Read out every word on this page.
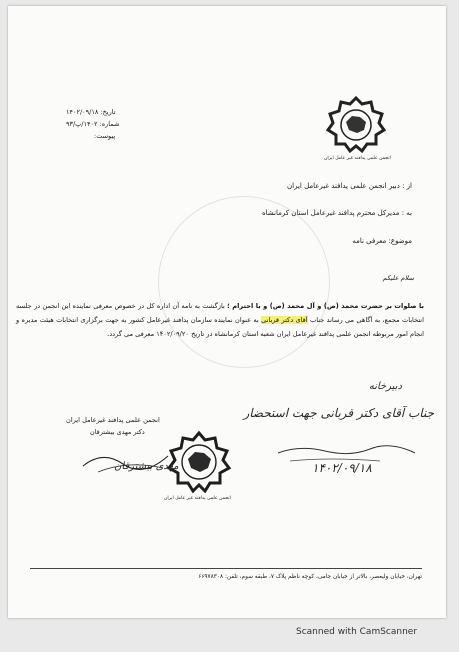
تاریخ: ۱۴۰۲/۰۹/۱۸
شماره: ۱۴۰۲/پ/۹۳
پیوست:
انجمن علمی پدافند غیر عامل ایران
از : دبیر انجمن علمی پدافند غیرعامل ایران
به : مدیرکل محترم پدافند غیرعامل استان کرمانشاه
موضوع: معرفی نامه
سلام علیکم
با صلوات بر حضرت محمد (ص) و آل محمد (ص) و با احترام ؛ بازگشت به نامه آن اداره کل در خصوص معرفی نماینده این انجمن در جلسه انتخابات مجمع، به آگاهی می رساند جناب آقای دکتر قربانی به عنوان نماینده سازمان پدافند غیرعامل کشور به جهت برگزاری انتخابات هیئت مدیره و انجام امور مربوطه انجمن علمی پدافند غیرعامل ایران شعبه استان کرمانشاه در تاریخ ۱۴۰۲/۰۹/۲۰ معرفی می گردد.
دبیرخانه
جناب آقای دکتر قربانی جهت استحضار
۱۴۰۲/۰۹/۱۸
انجمن علمی پدافند غیرعامل ایران
دکتر مهدی بیشترقان
انجمن علمی پدافند غیر عامل ایران
مهدی بیشترقان
تهران، خیابان ولیعصر، بالاتر از خیابان جامی، کوچه ناظم پلاک ۷، طبقه سوم، تلفن: ۶۶۹۷۸۳۰۸
Scanned with CamScanner
